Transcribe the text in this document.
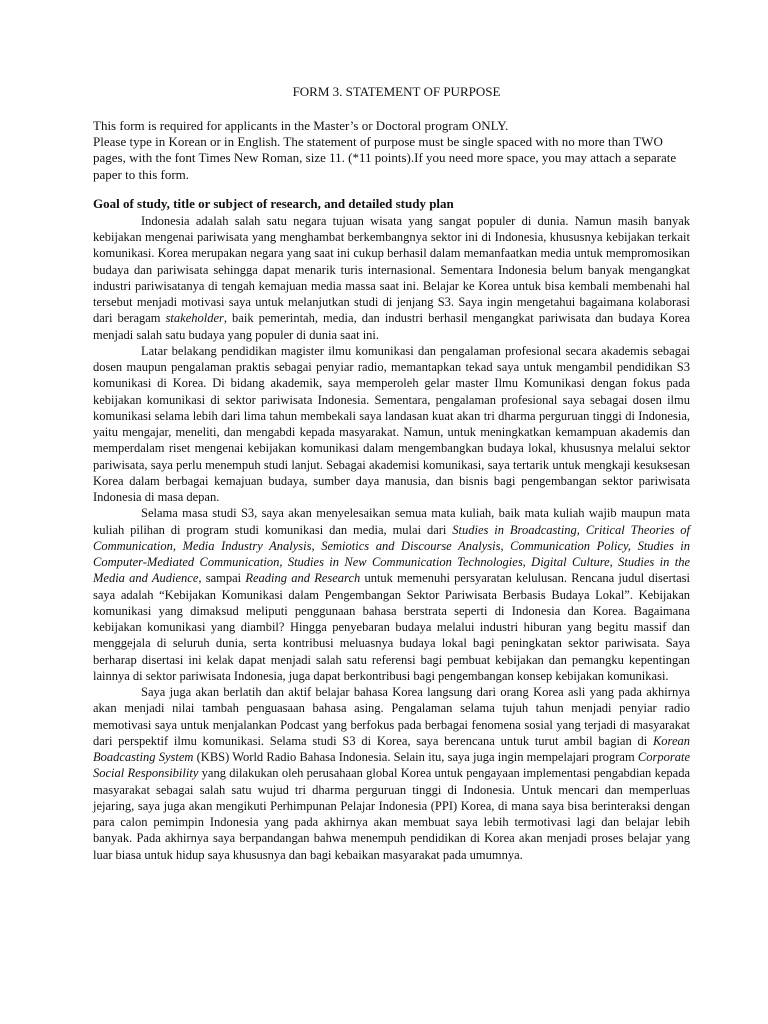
FORM 3. STATEMENT OF PURPOSE
This form is required for applicants in the Master’s or Doctoral program ONLY.
Please type in Korean or in English. The statement of purpose must be single spaced with no more than TWO pages, with the font Times New Roman, size 11. (*11 points).If you need more space, you may attach a separate paper to this form.
Goal of study, title or subject of research, and detailed study plan

Indonesia adalah salah satu negara tujuan wisata yang sangat populer di dunia. Namun masih banyak kebijakan mengenai pariwisata yang menghambat berkembangnya sektor ini di Indonesia, khususnya kebijakan terkait komunikasi. Korea merupakan negara yang saat ini cukup berhasil dalam memanfaatkan media untuk mempromosikan budaya dan pariwisata sehingga dapat menarik turis internasional. Sementara Indonesia belum banyak mengangkat industri pariwisatanya di tengah kemajuan media massa saat ini. Belajar ke Korea untuk bisa kembali membenahi hal tersebut menjadi motivasi saya untuk melanjutkan studi di jenjang S3. Saya ingin mengetahui bagaimana kolaborasi dari beragam stakeholder, baik pemerintah, media, dan industri berhasil mengangkat pariwisata dan budaya Korea menjadi salah satu budaya yang populer di dunia saat ini.

Latar belakang pendidikan magister ilmu komunikasi dan pengalaman profesional secara akademis sebagai dosen maupun pengalaman praktis sebagai penyiar radio, memantapkan tekad saya untuk mengambil pendidikan S3 komunikasi di Korea. Di bidang akademik, saya memperoleh gelar master Ilmu Komunikasi dengan fokus pada kebijakan komunikasi di sektor pariwisata Indonesia. Sementara, pengalaman profesional saya sebagai dosen ilmu komunikasi selama lebih dari lima tahun membekali saya landasan kuat akan tri dharma perguruan tinggi di Indonesia, yaitu mengajar, meneliti, dan mengabdi kepada masyarakat. Namun, untuk meningkatkan kemampuan akademis dan memperdalam riset mengenai kebijakan komunikasi dalam mengembangkan budaya lokal, khususnya melalui sektor pariwisata, saya perlu menempuh studi lanjut. Sebagai akademisi komunikasi, saya tertarik untuk mengkaji kesuksesan Korea dalam berbagai kemajuan budaya, sumber daya manusia, dan bisnis bagi pengembangan sektor pariwisata Indonesia di masa depan.

Selama masa studi S3, saya akan menyelesaikan semua mata kuliah, baik mata kuliah wajib maupun mata kuliah pilihan di program studi komunikasi dan media, mulai dari Studies in Broadcasting, Critical Theories of Communication, Media Industry Analysis, Semiotics and Discourse Analysis, Communication Policy, Studies in Computer-Mediated Communication, Studies in New Communication Technologies, Digital Culture, Studies in the Media and Audience, sampai Reading and Research untuk memenuhi persyaratan kelulusan. Rencana judul disertasi saya adalah “Kebijakan Komunikasi dalam Pengembangan Sektor Pariwisata Berbasis Budaya Lokal”. Kebijakan komunikasi yang dimaksud meliputi penggunaan bahasa berstrata seperti di Indonesia dan Korea. Bagaimana kebijakan komunikasi yang diambil? Hingga penyebaran budaya melalui industri hiburan yang begitu massif dan menggejala di seluruh dunia, serta kontribusi meluasnya budaya lokal bagi peningkatan sektor pariwisata. Saya berharap disertasi ini kelak dapat menjadi salah satu referensi bagi pembuat kebijakan dan pemangku kepentingan lainnya di sektor pariwisata Indonesia, juga dapat berkontribusi bagi pengembangan konsep kebijakan komunikasi.

Saya juga akan berlatih dan aktif belajar bahasa Korea langsung dari orang Korea asli yang pada akhirnya akan menjadi nilai tambah penguasaan bahasa asing. Pengalaman selama tujuh tahun menjadi penyiar radio memotivasi saya untuk menjalankan Podcast yang berfokus pada berbagai fenomena sosial yang terjadi di masyarakat dari perspektif ilmu komunikasi. Selama studi S3 di Korea, saya berencana untuk turut ambil bagian di Korean Boadcasting System (KBS) World Radio Bahasa Indonesia. Selain itu, saya juga ingin mempelajari program Corporate Social Responsibility yang dilakukan oleh perusahaan global Korea untuk pengayaan implementasi pengabdian kepada masyarakat sebagai salah satu wujud tri dharma perguruan tinggi di Indonesia. Untuk mencari dan memperluas jejaring, saya juga akan mengikuti Perhimpunan Pelajar Indonesia (PPI) Korea, di mana saya bisa berinteraksi dengan para calon pemimpin Indonesia yang pada akhirnya akan membuat saya lebih termotivasi lagi dan belajar lebih banyak. Pada akhirnya saya berpandangan bahwa menempuh pendidikan di Korea akan menjadi proses belajar yang luar biasa untuk hidup saya khususnya dan bagi kebaikan masyarakat pada umumnya.
